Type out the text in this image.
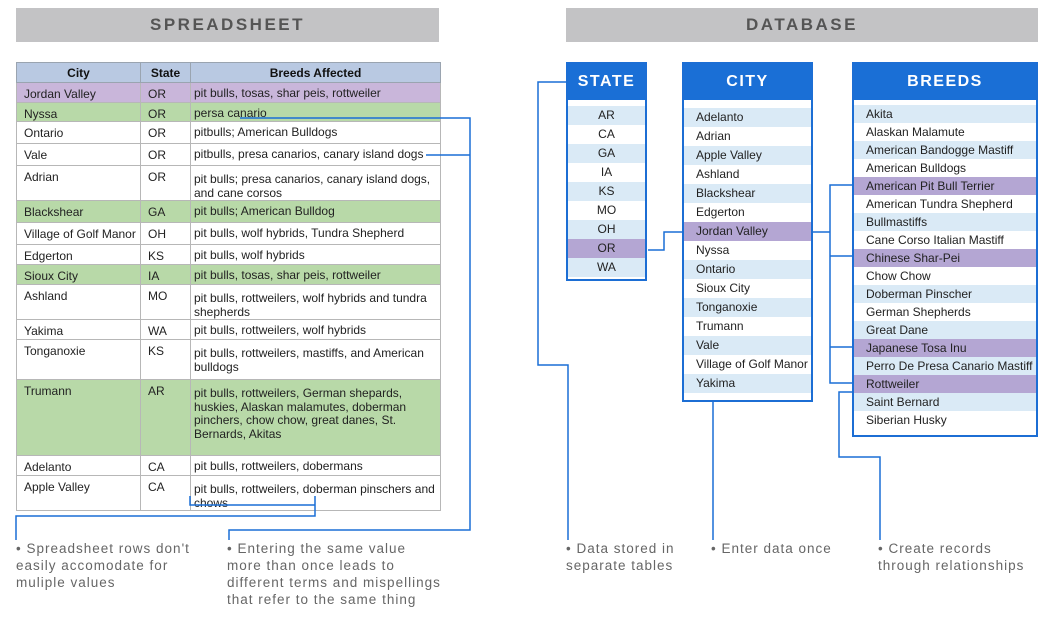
SPREADSHEET	DATABASE
City	State	Breeds Affected
Jordan Valley	OR	pit bulls, tosas, shar peis, rottweiler
Nyssa	OR	persa canario
Ontario	OR	pitbulls; American Bulldogs
Vale	OR	pitbulls, presa canarios, canary island dogs
Adrian	OR	pit bulls; presa canarios, canary island dogs, and cane corsos
Blackshear	GA	pit bulls; American Bulldog
Village of Golf Manor	OH	pit bulls, wolf hybrids, Tundra Shepherd
Edgerton	KS	pit bulls, wolf hybrids
Sioux City	IA	pit bulls, tosas, shar peis, rottweiler
Ashland	MO	pit bulls, rottweilers, wolf hybrids and tundra shepherds
Yakima	WA	pit bulls, rottweilers, wolf hybrids
Tonganoxie	KS	pit bulls, rottweilers, mastiffs, and American bulldogs
Trumann	AR	pit bulls, rottweilers, German shepards, huskies, Alaskan malamutes, doberman pinchers, chow chow, great danes, St. Bernards, Akitas
Adelanto	CA	pit bulls, rottweilers, dobermans
Apple Valley	CA	pit bulls, rottweilers, doberman pinschers and chows
STATE
AR
CA
GA
IA
KS
MO
OH
OR
WA
CITY
Adelanto
Adrian
Apple Valley
Ashland
Blackshear
Edgerton
Jordan Valley
Nyssa
Ontario
Sioux City
Tonganoxie
Trumann
Vale
Village of Golf Manor
Yakima
BREEDS
Akita
Alaskan Malamute
American Bandogge Mastiff
American Bulldogs
American Pit Bull Terrier
American Tundra Shepherd
Bullmastiffs
Cane Corso Italian Mastiff
Chinese Shar-Pei
Chow Chow
Doberman Pinscher
German Shepherds
Great Dane
Japanese Tosa Inu
Perro De Presa Canario Mastiff
Rottweiler
Saint Bernard
Siberian Husky
• Spreadsheet rows don't easily accomodate for muliple values
• Entering the same value more than once leads to different terms and mispellings that refer to the same thing
• Data stored in separate tables
• Enter data once	• Create records through relationships
